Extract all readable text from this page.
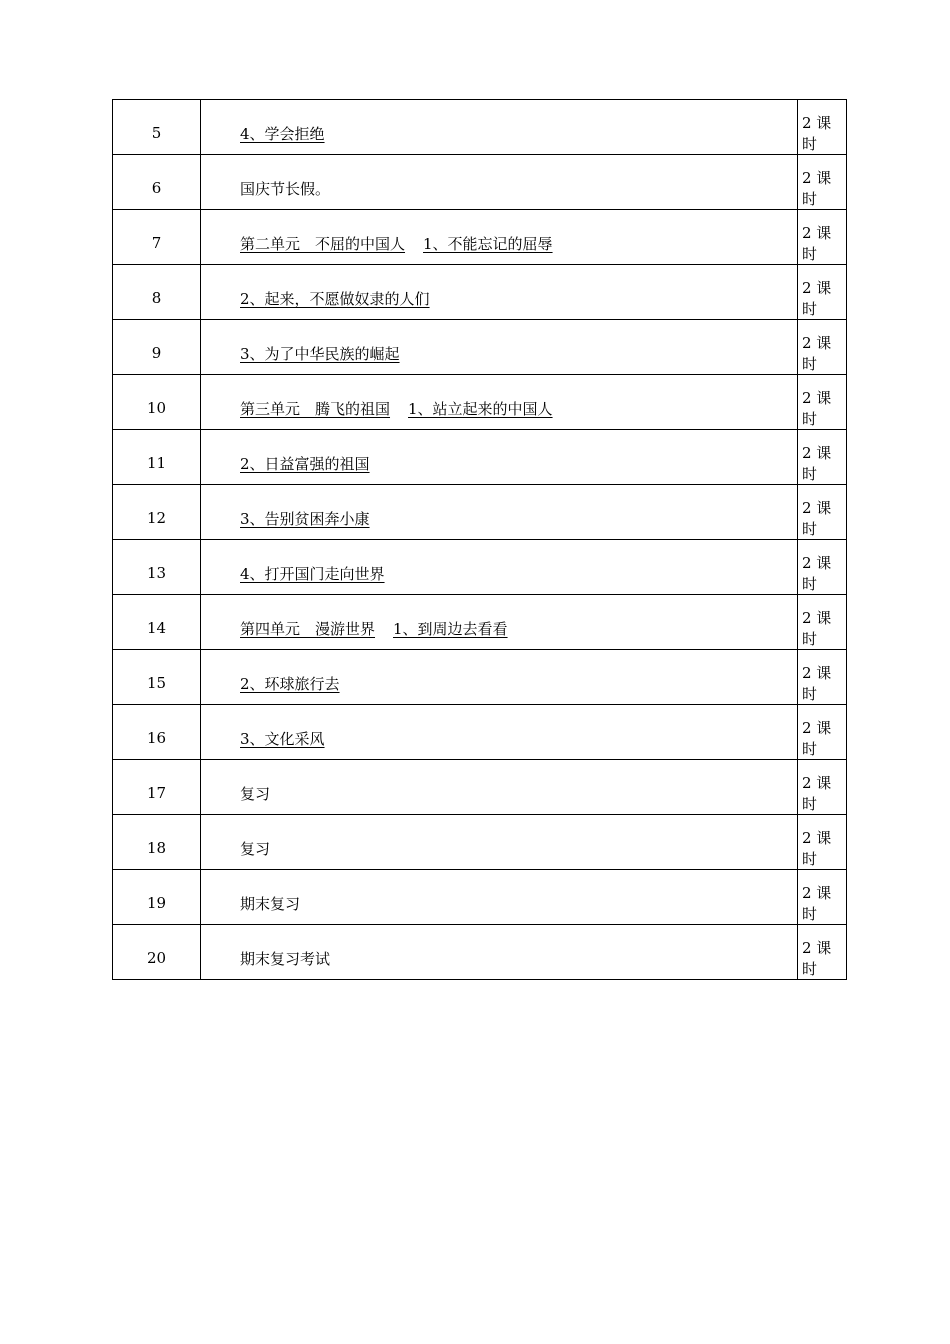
5	4、学会拒绝	2 课时
6	国庆节长假。	2 课时
7	第二单元　不屈的中国人 1、不能忘记的屈辱	2 课时
8	2、起来，不愿做奴隶的人们	2 课时
9	3、为了中华民族的崛起	2 课时
10	第三单元　腾飞的祖国 1、站立起来的中国人	2 课时
11	2、日益富强的祖国	2 课时
12	3、告别贫困奔小康	2 课时
13	4、打开国门走向世界	2 课时
14	第四单元　漫游世界 1、到周边去看看	2 课时
15	2、环球旅行去	2 课时
16	3、文化采风	2 课时
17	复习	2 课时
18	复习	2 课时
19	期末复习	2 课时
20	期末复习考试	2 课时
